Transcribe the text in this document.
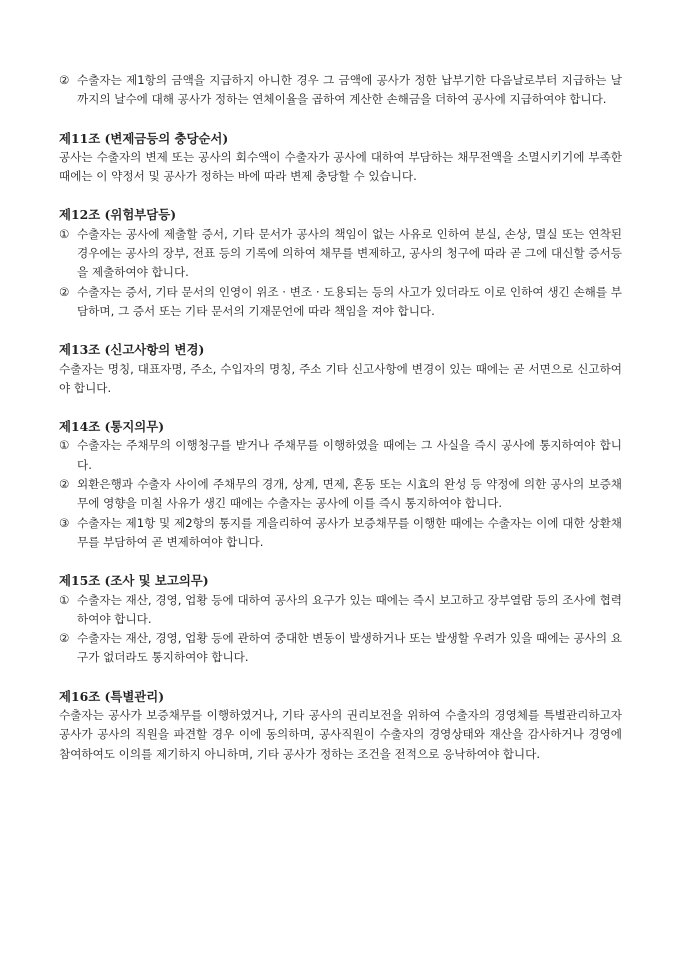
② 수출자는 제1항의 금액을 지급하지 아니한 경우 그 금액에 공사가 정한 납부기한 다음날로부터 지급하는 날까지의 날수에 대해 공사가 정하는 연체이율을 곱하여 계산한 손해금을 더하여 공사에 지급하여야 합니다.

제11조 (변제금등의 충당순서)

공사는 수출자의 변제 또는 공사의 회수액이 수출자가 공사에 대하여 부담하는 채무전액을 소멸시키기에 부족한 때에는 이 약정서 및 공사가 정하는 바에 따라 변제 충당할 수 있습니다.

제12조 (위험부담등)

① 수출자는 공사에 제출할 증서, 기타 문서가 공사의 책임이 없는 사유로 인하여 분실, 손상, 멸실 또는 연착된 경우에는 공사의 장부, 전표 등의 기록에 의하여 채무를 변제하고, 공사의 청구에 따라 곧 그에 대신할 증서등을 제출하여야 합니다.

② 수출자는 증서, 기타 문서의 인영이 위조 · 변조 · 도용되는 등의 사고가 있더라도 이로 인하여 생긴 손해를 부담하며, 그 증서 또는 기타 문서의 기재문언에 따라 책임을 져야 합니다.

제13조 (신고사항의 변경)

수출자는 명칭, 대표자명, 주소, 수입자의 명칭, 주소 기타 신고사항에 변경이 있는 때에는 곧 서면으로 신고하여야 합니다.

제14조 (통지의무)

① 수출자는 주채무의 이행청구를 받거나 주채무를 이행하였을 때에는 그 사실을 즉시 공사에 통지하여야 합니다.

② 외환은행과 수출자 사이에 주채무의 경개, 상계, 면제, 혼동 또는 시효의 완성 등 약정에 의한 공사의 보증채무에 영향을 미칠 사유가 생긴 때에는 수출자는 공사에 이를 즉시 통지하여야 합니다.

③ 수출자는 제1항 및 제2항의 통지를 게을리하여 공사가 보증채무를 이행한 때에는 수출자는 이에 대한 상환채무를 부담하여 곧 변제하여야 합니다.

제15조 (조사 및 보고의무)

① 수출자는 재산, 경영, 업황 등에 대하여 공사의 요구가 있는 때에는 즉시 보고하고 장부열람 등의 조사에 협력하여야 합니다.

② 수출자는 재산, 경영, 업황 등에 관하여 중대한 변동이 발생하거나 또는 발생할 우려가 있을 때에는 공사의 요구가 없더라도 통지하여야 합니다.

제16조 (특별관리)

수출자는 공사가 보증채무를 이행하였거나, 기타 공사의 권리보전을 위하여 수출자의 경영체를 특별관리하고자 공사가 공사의 직원을 파견할 경우 이에 동의하며, 공사직원이 수출자의 경영상태와 재산을 감사하거나 경영에 참여하여도 이의를 제기하지 아니하며, 기타 공사가 정하는 조건을 전적으로 응낙하여야 합니다.
